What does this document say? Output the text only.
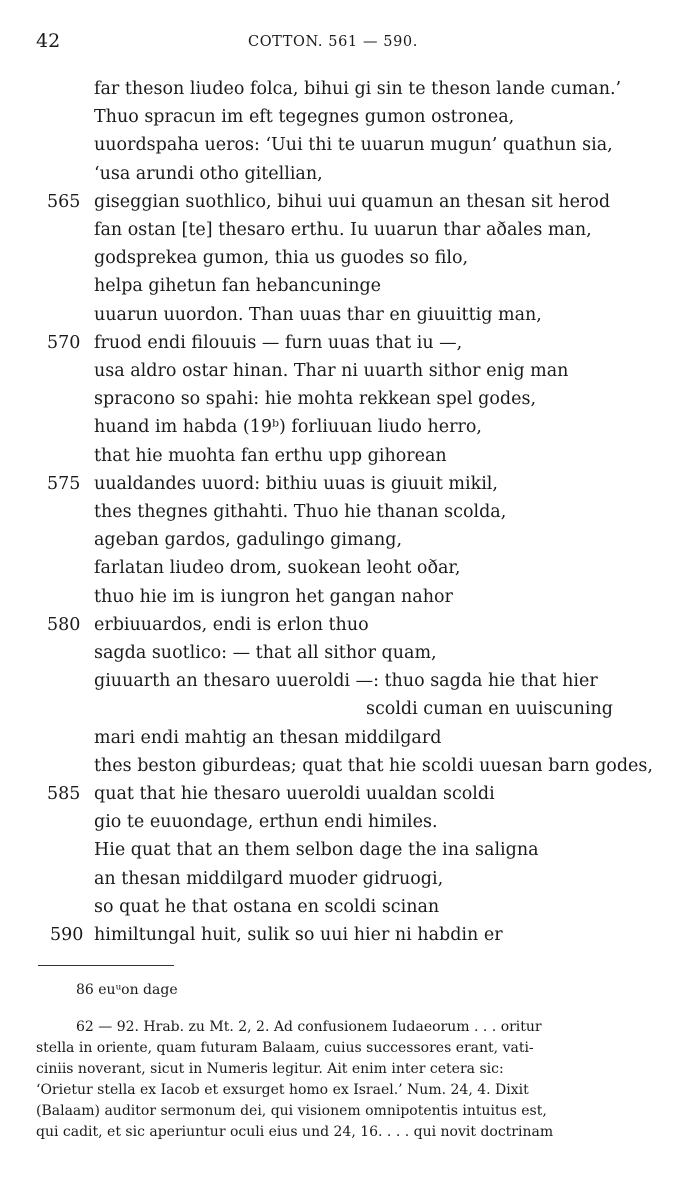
42	COTTON. 561 — 590.
far theson liudeo folca, bihui gi sin te theson lande cuman.’
Thuo spracun im eft tegegnes gumon ostronea,
uuordspaha ueros: ‘Uui thi te uuarun mugun’ quathun sia,
‘usa arundi otho gitellian,
giseggian suothlico, bihui uui quamun an thesan sit herod
565
fan ostan [te] thesaro erthu. Iu uuarun thar aðales man,
godsprekea gumon, thia us guodes so filo,
helpa gihetun fan hebancuninge
uuarun uuordon. Than uuas thar en giuuittig man,
fruod endi filouuis — furn uuas that iu —,
570
usa aldro ostar hinan. Thar ni uuarth sithor enig man
spracono so spahi: hie mohta rekkean spel godes,
huand im habda (19ᵇ) forliuuan liudo herro,
that hie muohta fan erthu upp gihorean
uualdandes uuord: bithiu uuas is giuuit mikil,
575
thes thegnes githahti. Thuo hie thanan scolda,
ageban gardos, gadulingo gimang,
farlatan liudeo drom, suokean leoht oðar,
thuo hie im is iungron het gangan nahor
erbiuuardos, endi is erlon thuo
580
sagda suotlico: — that all sithor quam,
giuuarth an thesaro uueroldi —: thuo sagda hie that hier
scoldi cuman en uuiscuning
mari endi mahtig an thesan middilgard
thes beston giburdeas; quat that hie scoldi uuesan barn godes,
quat that hie thesaro uueroldi uualdan scoldi
585
gio te euuondage, erthun endi himiles.
Hie quat that an them selbon dage the ina saligna
an thesan middilgard muoder gidruogi,
so quat he that ostana en scoldi scinan
himiltungal huit, sulik so uui hier ni habdin er
590
86 euᵘon dage
62 — 92. Hrab. zu Mt. 2, 2. Ad confusionem Iudaeorum . . . oritur
stella in oriente, quam futuram Balaam, cuius successores erant, vati-
ciniis noverant, sicut in Numeris legitur. Ait enim inter cetera sic:
‘Orietur stella ex Iacob et exsurget homo ex Israel.’ Num. 24, 4. Dixit
(Balaam) auditor sermonum dei, qui visionem omnipotentis intuitus est,
qui cadit, et sic aperiuntur oculi eius und 24, 16. . . . qui novit doctrinam
